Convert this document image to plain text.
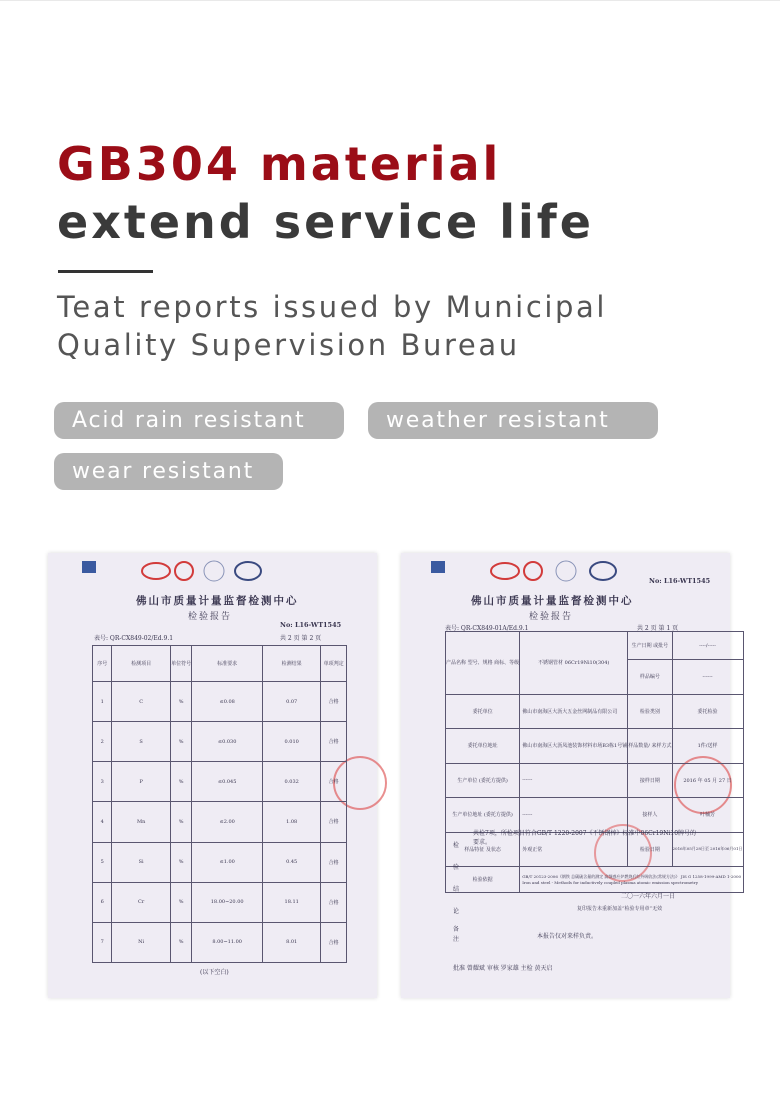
GB304 material
extend service life
Teat reports issued by Municipal
Quality Supervision Bureau
Acid rain resistant	weather resistant
wear resistant
佛山市质量计量监督检测中心
检验报告
No: L16-WT1545
表号: QR-CX849-02/Ed.9.1	共 2 页 第 2 页
序号	检测项目	单位符号	标准要求	检测结果	单项判定
1	C	%	≤0.08	0.07	合格
2	S	%	≤0.030	0.010	合格
3	P	%	≤0.045	0.032	合格
4	Mn	%	≤2.00	1.08	合格
5	Si	%	≤1.00	0.45	合格
6	Cr	%	18.00~20.00	18.11	合格
7	Ni	%	8.00~11.00	8.01	合格
(以下空白)
佛山市质量计量监督检测中心
检验报告
No: L16-WT1545
表号: QR-CX849-01A/Ed.9.1	共 2 页 第 1 页
产品名称 型号、规格 商标、等级	不锈钢管材 06Cr19Ni10(304)	生产日期 或批号	----/-----
		样品编号	------
委托单位	佛山市南海区大沥大五金丝网制品有限公司	检验类别	委托检验
委托单位地址	佛山市南海区大沥凤池装饰材料市场B3栋1号铺	样品数量/ 来样方式	1件/送样
生产单位 (委托方提供)	------	接样日期	2016 年 05 月 27 日
生产单位地址 (委托方提供)	------	接样人	叶楠芳
样品特征 及状态	外观正常	检验日期	2016年05月28日至 2016年06月01日
检验依据	GB/T 20123-2006《钢铁 总碳硫含量的测定 高频感应炉燃烧后红外吸收法(常规方法)》 JIS G 1258-1999-AMD 1-2000 Iron and steel - Methods for inductively coupled plasma atomic emission spectrometry		
检验结论
共检7项，所检项目符合GB/T 1220-2007《不锈钢棒》标准中06Cr19Ni10牌号的要求。
二〇一六年六月一日
复印报告未重新加盖“检验专用章”无效
备注	本报告仅对来样负责。
批准 曾耀斌 审核 罗家雄 主检 黄天启
